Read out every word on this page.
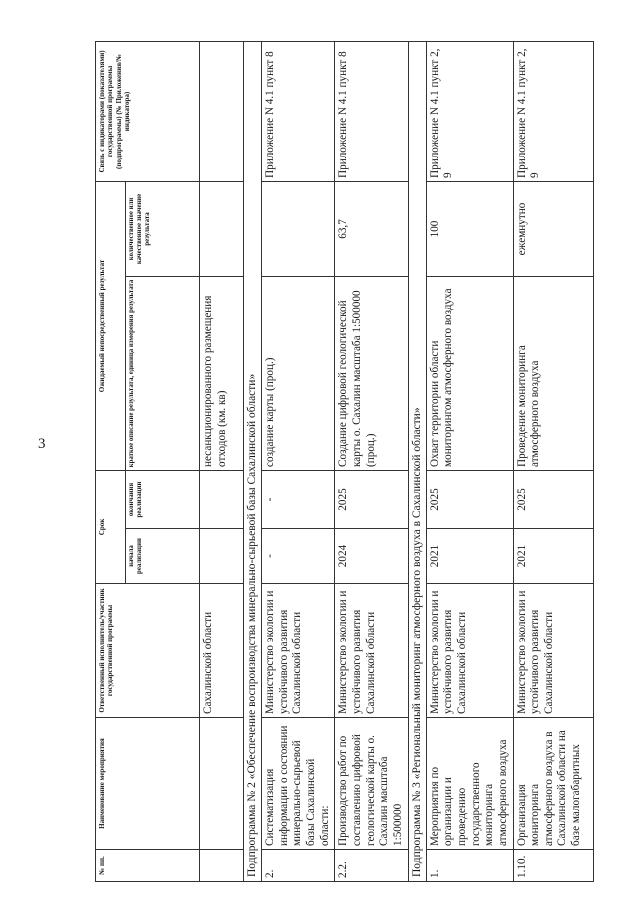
3
№ пп.	Наименование мероприятия	Ответственный исполнитель/участник государственной программы	Срок		Ожидаемый непосредственный результат		Связь с индикаторами (показателями) государственной программы (подпрограммы) (№ Приложения/№ индикатора)
			начала реализации	окончания реализации	краткое описание результата, единица измерения результата	количественное или качественное значение результата	
		Сахалинской области			несанкционированного размещения отходов (км. кв)		
Подпрограмма № 2 «Обеспечение воспроизводства минерально-сырьевой базы Сахалинской области»							
2.	Систематизация информации о состоянии минерально-сырьевой базы Сахалинской области:	Министерство экологии и устойчивого развития Сахалинской области	-	-	создание карты (проц.)		Приложение N 4.1 пункт 8
2.2.	Производство работ по составлению цифровой геологической карты о. Сахалин масштаба 1:500000	Министерство экологии и устойчивого развития Сахалинской области	2024	2025	Создание цифровой геологической карты о. Сахалин масштаба 1:500000 (проц.)	63,7	Приложение N 4.1 пункт 8
Подпрограмма № 3 «Региональный мониторинг атмосферного воздуха в Сахалинской области»							
1.	Мероприятия по организации и проведению государственного мониторинга атмосферного воздуха	Министерство экологии и устойчивого развития Сахалинской области	2021	2025	Охват территории области мониторингом атмосферного воздуха	100	Приложение N 4.1 пункт 2, 9
1.10.	Организация мониторинга атмосферного воздуха в Сахалинской области на базе малогабаритных	Министерство экологии и устойчивого развития Сахалинской области	2021	2025	Проведение мониторинга атмосферного воздуха	ежемнутно	Приложение N 4.1 пункт 2, 9
